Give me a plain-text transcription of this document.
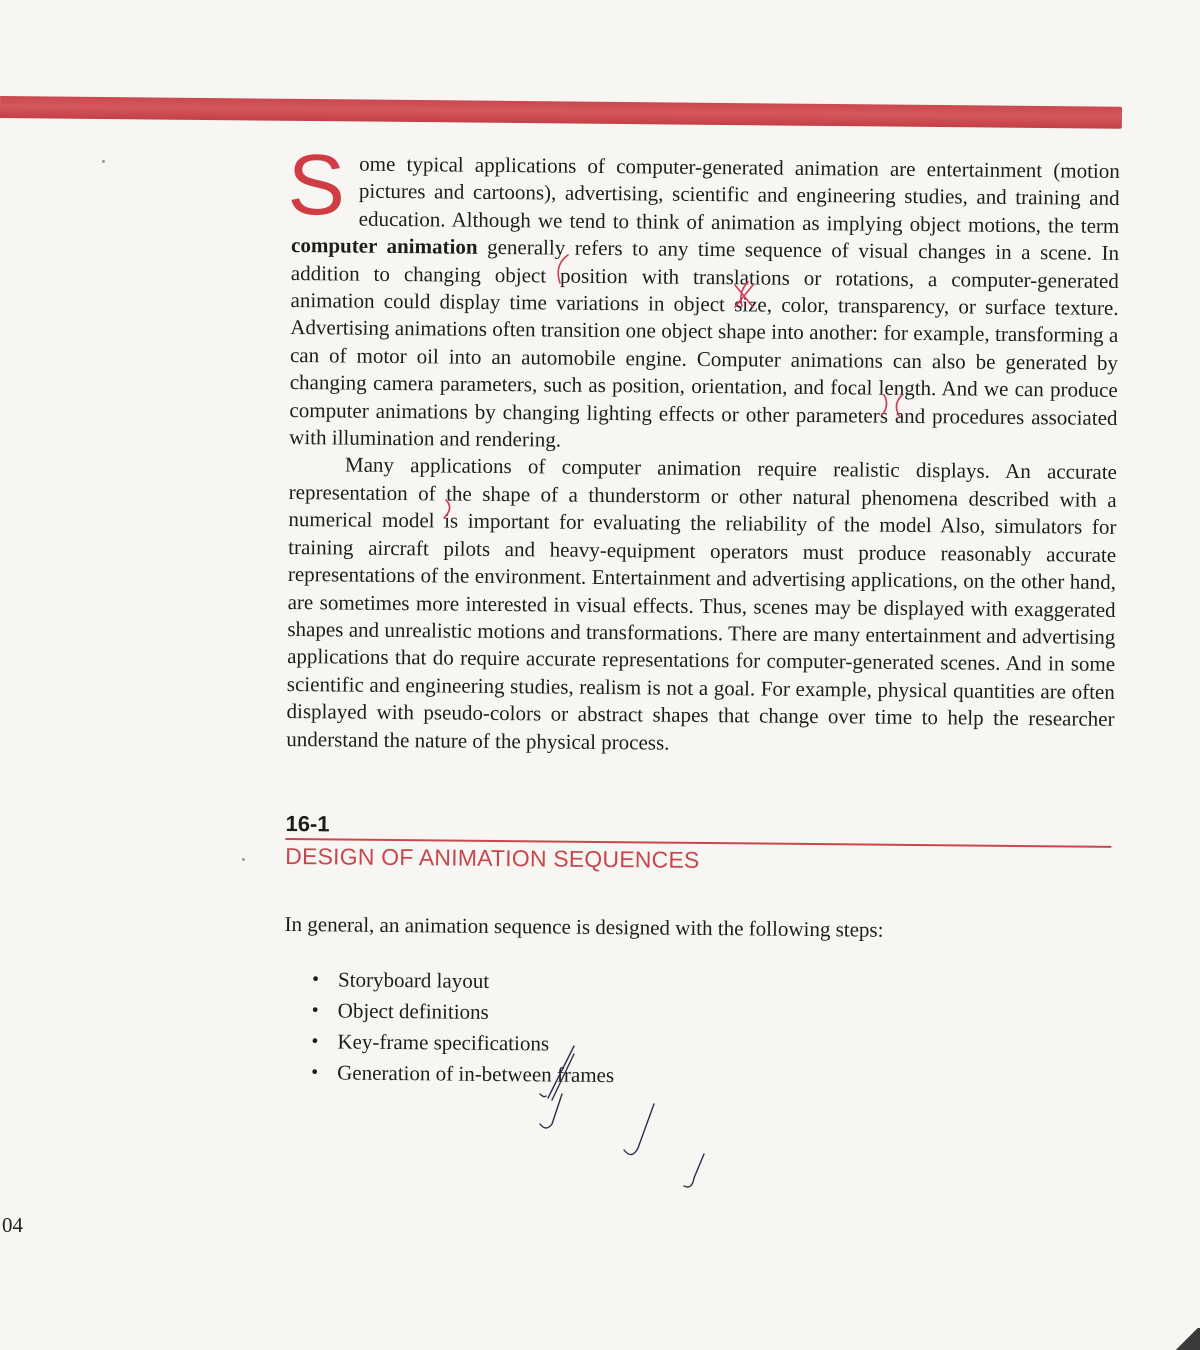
Some typical applications of computer-generated animation are entertainment (motion pictures and cartoons), advertising, scientific and engineering studies, and training and education. Although we tend to think of animation as implying object motions, the term computer animation generally refers to any time sequence of visual changes in a scene. In addition to changing object position with translations or rotations, a computer-generated animation could display time variations in object size, color, transparency, or surface texture. Advertising animations often transition one object shape into another: for example, transforming a can of motor oil into an automobile engine. Computer animations can also be generated by changing camera parameters, such as position, orientation, and focal length. And we can produce computer animations by changing lighting effects or other parameters and procedures associated with illumination and rendering.

Many applications of computer animation require realistic displays. An accurate representation of the shape of a thunderstorm or other natural phenomena described with a numerical model is important for evaluating the reliability of the model Also, simulators for training aircraft pilots and heavy-equipment operators must produce reasonably accurate representations of the environment. Entertainment and advertising applications, on the other hand, are sometimes more interested in visual effects. Thus, scenes may be displayed with exaggerated shapes and unrealistic motions and transformations. There are many entertainment and advertising applications that do require accurate representations for computer-generated scenes. And in some scientific and engineering studies, realism is not a goal. For example, physical quantities are often displayed with pseudo-colors or abstract shapes that change over time to help the researcher understand the nature of the physical process.

16-1
DESIGN OF ANIMATION SEQUENCES

In general, an animation sequence is designed with the following steps:

• Storyboard layout
• Object definitions
• Key-frame specifications
• Generation of in-between frames
04
